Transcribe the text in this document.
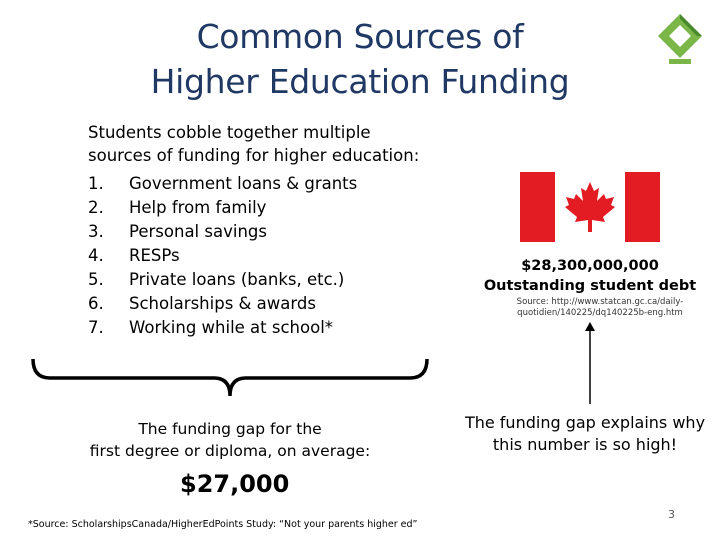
Common Sources of
Higher Education Funding
Students cobble together multiple sources of funding for higher education:
1.	Government loans & grants
2.	Help from family
3.	Personal savings
4.	RESPs
5.	Private loans (banks, etc.)
6.	Scholarships & awards
7.	Working while at school*
$28,300,000,000
Outstanding student debt
Source: http://www.statcan.gc.ca/daily-quotidien/140225/dq140225b-eng.htm
The funding gap for the
first degree or diploma, on average:
$27,000
The funding gap explains why
this number is so high!
*Source: ScholarshipsCanada/HigherEdPoints Study: “Not your parents higher ed”
3
